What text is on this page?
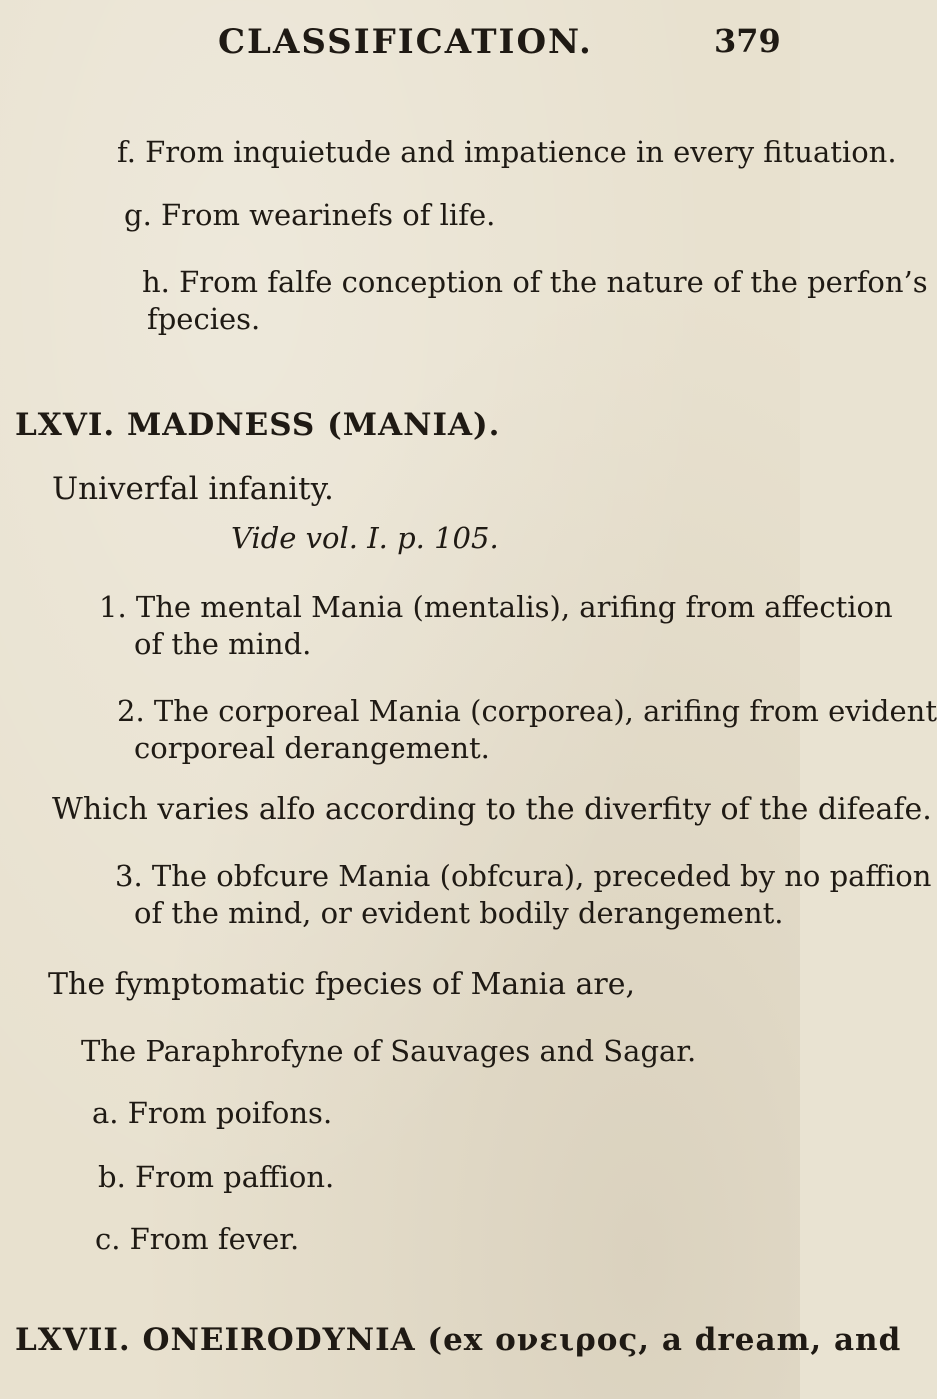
CLASSIFICATION.	379
f. From inquietude and impatience in every fituation.
g. From wearinefs of life.
h. From falfe conception of the nature of the perfon’s
fpecies.
LXVI. MADNESS (MANIA).
Univerfal infanity.
Vide vol. I. p. 105.
1. The mental Mania (mentalis), arifing from affection
of the mind.
2. The corporeal Mania (corporea), arifing from evident
corporeal derangement.
Which varies alfo according to the diverfity of the difeafe.
3. The obfcure Mania (obfcura), preceded by no paffion
of the mind, or evident bodily derangement.
The fymptomatic fpecies of Mania are,
The Paraphrofyne of Sauvages and Sagar.
a. From poifons.
b. From paffion.
c. From fever.
LXVII. ONEIRODYNIA (ex ονειρος, a dream, and
